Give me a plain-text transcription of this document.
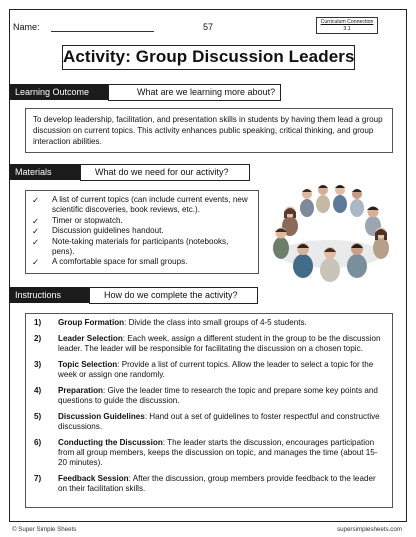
Name:	57	Curriculum Connection
3.1
Activity: Group Discussion Leaders
Learning Outcome	What are we learning more about?

To develop leadership, facilitation, and presentation skills in students by having them lead a group discussion on current topics. This activity enhances public speaking, critical thinking, and group interaction abilities.

Materials	What do we need for our activity?
✓ A list of current topics (can include current events, new scientific discoveries, book reviews, etc.).
✓ Timer or stopwatch.
✓ Discussion guidelines handout.
✓ Note-taking materials for participants (notebooks, pens).
✓ A comfortable space for small groups.
Instructions	How do we complete the activity?
1) Group Formation: Divide the class into small groups of 4-5 students.
2) Leader Selection: Each week, assign a different student in the group to be the discussion leader. The leader will be responsible for facilitating the discussion on a chosen topic.
3) Topic Selection: Provide a list of current topics. Allow the leader to select a topic for the week or assign one randomly.
4) Preparation: Give the leader time to research the topic and prepare some key points and questions to guide the discussion.
5) Discussion Guidelines: Hand out a set of guidelines to foster respectful and constructive discussions.
6) Conducting the Discussion: The leader starts the discussion, encourages participation from all group members, keeps the discussion on topic, and manages the time (about 15-20 minutes).
7) Feedback Session: After the discussion, group members provide feedback to the leader on their facilitation skills.
© Super Simple Sheets	supersimplesheets.com
